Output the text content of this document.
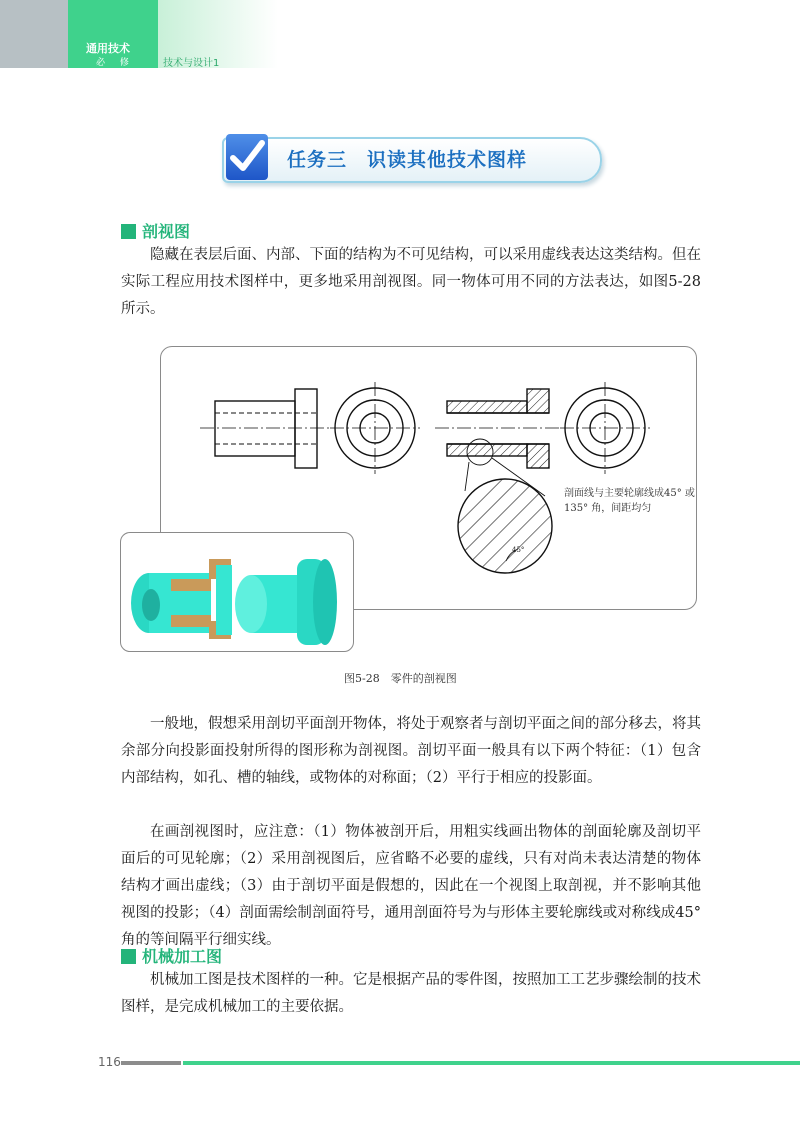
通用技术
必 修	技术与设计1
任务三　识读其他技术图样
剖视图

隐藏在表层后面、内部、下面的结构为不可见结构，可以采用虚线表达这类结构。但在实际工程应用技术图样中，更多地采用剖视图。同一物体可用不同的方法表达，如图5-28所示。

45°
剖面线与主要轮廓线成45° 或135° 角，间距均匀
图5-28　零件的剖视图

一般地，假想采用剖切平面剖开物体，将处于观察者与剖切平面之间的部分移去，将其余部分向投影面投射所得的图形称为剖视图。剖切平面一般具有以下两个特征：（1）包含内部结构，如孔、槽的轴线，或物体的对称面；（2）平行于相应的投影面。

在画剖视图时，应注意：（1）物体被剖开后，用粗实线画出物体的剖面轮廓及剖切平面后的可见轮廓；（2）采用剖视图后，应省略不必要的虚线，只有对尚未表达清楚的物体结构才画出虚线；（3）由于剖切平面是假想的，因此在一个视图上取剖视，并不影响其他视图的投影；（4）剖面需绘制剖面符号，通用剖面符号为与形体主要轮廓线或对称线成45° 角的等间隔平行细实线。

机械加工图

机械加工图是技术图样的一种。它是根据产品的零件图，按照加工工艺步骤绘制的技术图样，是完成机械加工的主要依据。

116
